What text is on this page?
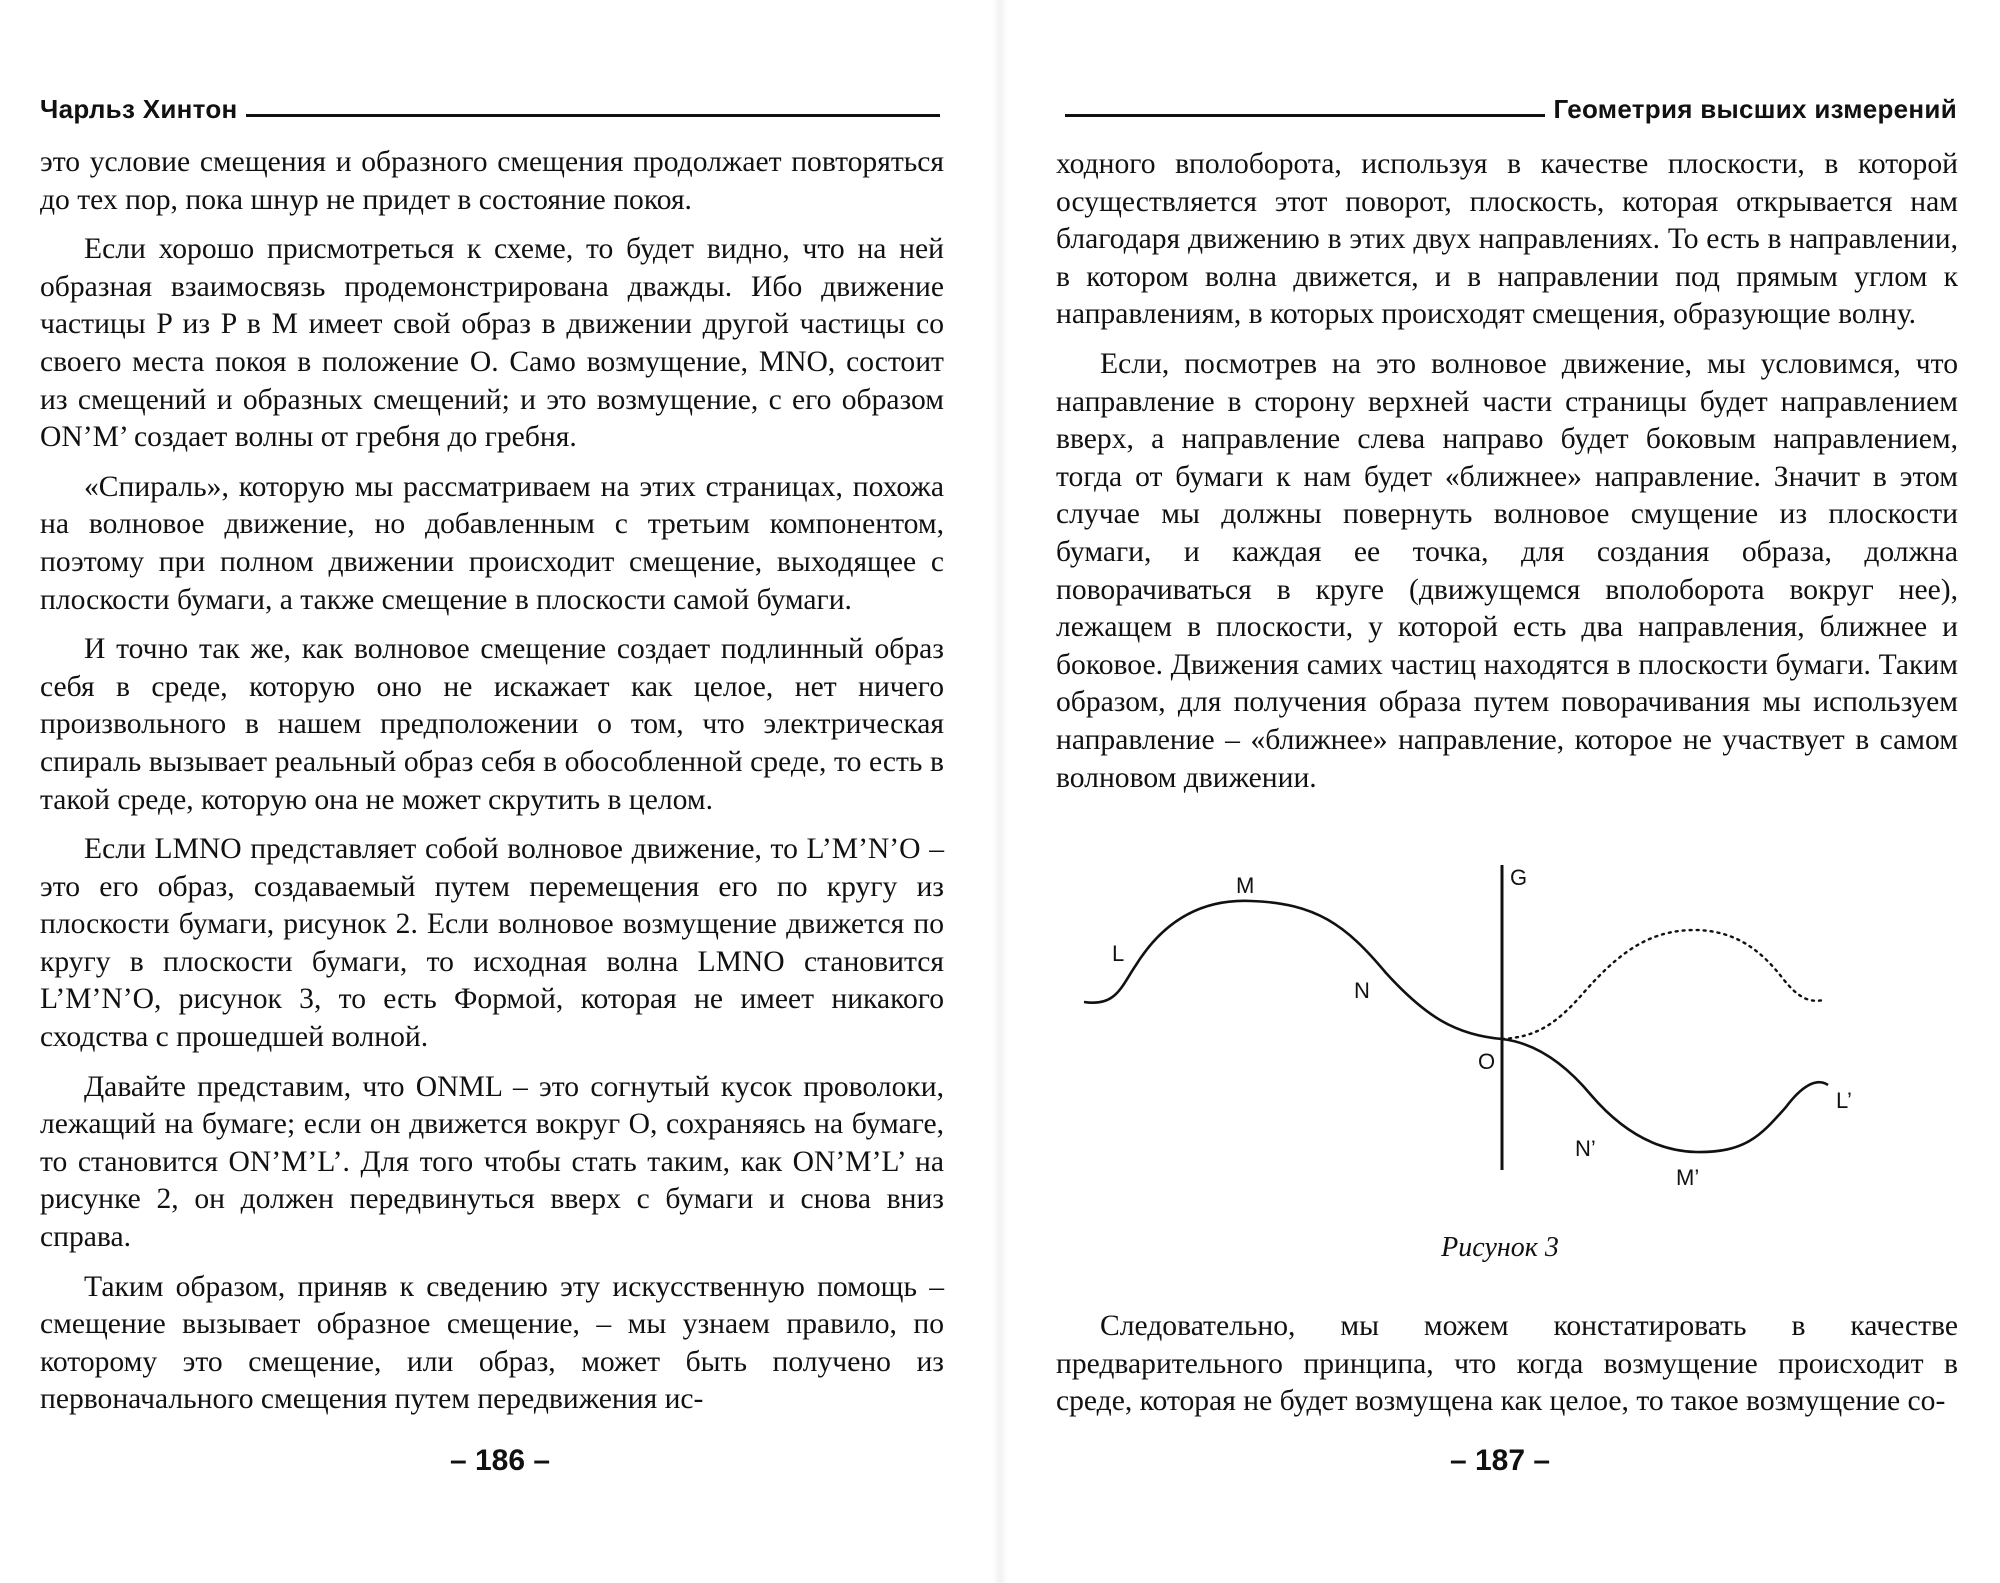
Чарльз Хинтон

это условие смещения и образного смещения продолжает повторяться до тех пор, пока шнур не придет в состояние покоя.

Если хорошо присмотреться к схеме, то будет видно, что на ней образная взаимосвязь продемонстрирована дважды. Ибо движение частицы P из P в M имеет свой образ в движении другой частицы со своего места покоя в положение О. Само возмущение, MNO, состоит из смещений и образных смещений; и это возмущение, с его образом ON’M’ создает волны от гребня до гребня.

«Спираль», которую мы рассматриваем на этих страницах, похожа на волновое движение, но добавленным с третьим компонентом, поэтому при полном движении происходит смещение, выходящее с плоскости бумаги, а также смещение в плоскости самой бумаги.

И точно так же, как волновое смещение создает подлинный образ себя в среде, которую оно не искажает как целое, нет ничего произвольного в нашем предположении о том, что электрическая спираль вызывает реальный образ себя в обособленной среде, то есть в такой среде, которую она не может скрутить в целом.

Если LMNO представляет собой волновое движение, то L’M’N’O – это его образ, создаваемый путем перемещения его по кругу из плоскости бумаги, рисунок 2. Если волновое возмущение движется по кругу в плоскости бумаги, то исходная волна LMNO становится L’M’N’O, рисунок 3, то есть Формой, которая не имеет никакого сходства с прошедшей волной.

Давайте представим, что ONML – это согнутый кусок проволоки, лежащий на бумаге; если он движется вокруг О, сохраняясь на бумаге, то становится ON’M’L’. Для того чтобы стать таким, как ON’M’L’ на рисунке 2, он должен передвинуться вверх с бумаги и снова вниз справа.

Таким образом, приняв к сведению эту искусственную помощь – смещение вызывает образное смещение, – мы узнаем правило, по которому это смещение, или образ, может быть получено из первоначального смещения путем передвижения ис-

– 186 –
Геометрия высших измерений

ходного вполоборота, используя в качестве плоскости, в которой осуществляется этот поворот, плоскость, которая открывается нам благодаря движению в этих двух направлениях. То есть в направлении, в котором волна движется, и в направлении под прямым углом к направлениям, в которых происходят смещения, образующие волну.

Если, посмотрев на это волновое движение, мы условимся, что направление в сторону верхней части страницы будет направлением вверх, а направление слева направо будет боковым направлением, тогда от бумаги к нам будет «ближнее» направление. Значит в этом случае мы должны повернуть волновое смущение из плоскости бумаги, и каждая ее точка, для создания образа, должна поворачиваться в круге (движущемся вполоборота вокруг нее), лежащем в плоскости, у которой есть два направления, ближнее и боковое. Движения самих частиц находятся в плоскости бумаги. Таким образом, для получения образа путем поворачивания мы используем направление – «ближнее» направление, которое не участвует в самом волновом движении.

G
M
L
N
O
L’
N’
M’
Рисунок 3

Следовательно, мы можем констатировать в качестве предварительного принципа, что когда возмущение происходит в среде, которая не будет возмущена как целое, то такое возмущение со-

– 187 –
